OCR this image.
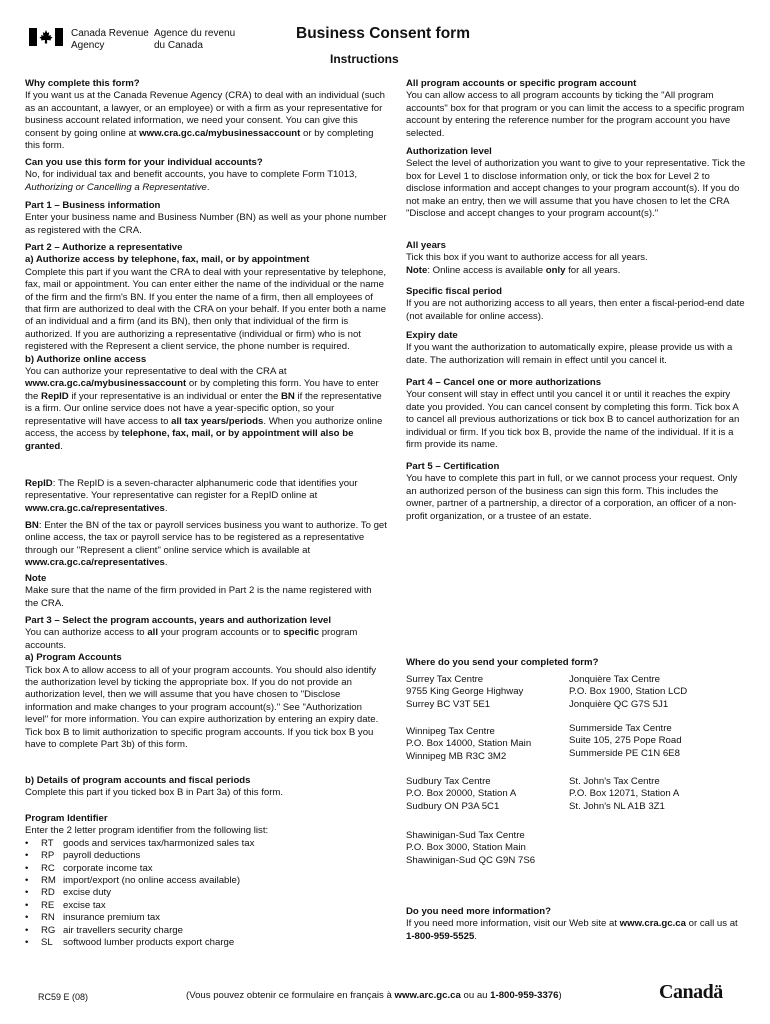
Canada Revenue
Agency
Agence du revenu
du Canada
Business Consent form
Instructions
Why complete this form?

If you want us at the Canada Revenue Agency (CRA) to deal with an individual (such as an accountant, a lawyer, or an employee) or with a firm as your representative for business account related information, we need your consent. You can give this consent by going online at www.cra.gc.ca/mybusinessaccount or by completing this form.

Can you use this form for your individual accounts?

No, for individual tax and benefit accounts, you have to complete Form T1013, Authorizing or Cancelling a Representative.

Part 1 – Business information

Enter your business name and Business Number (BN) as well as your phone number as registered with the CRA.

Part 2 – Authorize a representative
a) Authorize access by telephone, fax, mail, or by appointment

Complete this part if you want the CRA to deal with your representative by telephone, fax, mail or appointment. You can enter either the name of the individual or the name of the firm and the firm's BN. If you enter the name of a firm, then all employees of that firm are authorized to deal with the CRA on your behalf. If you enter both a name of an individual and a firm (and its BN), then only that individual of the firm is authorized. If you are authorizing a representative (individual or firm) who is not registered with the Represent a client service, the phone number is required.

b) Authorize online access

You can authorize your representative to deal with the CRA at www.cra.gc.ca/mybusinessaccount or by completing this form. You have to enter the RepID if your representative is an individual or enter the BN if the representative is a firm. Our online service does not have a year-specific option, so your representative will have access to all tax years/periods. When you authorize online access, the access by telephone, fax, mail, or by appointment will also be granted.

RepID: The RepID is a seven-character alphanumeric code that identifies your representative. Your representative can register for a RepID online at www.cra.gc.ca/representatives.

BN: Enter the BN of the tax or payroll services business you want to authorize. To get online access, the tax or payroll service has to be registered as a representative through our "Represent a client" online service which is available at www.cra.gc.ca/representatives.

Note

Make sure that the name of the firm provided in Part 2 is the name registered with the CRA.

Part 3 – Select the program accounts, years and authorization level

You can authorize access to all your program accounts or to specific program accounts.

a) Program Accounts

Tick box A to allow access to all of your program accounts. You should also identify the authorization level by ticking the appropriate box. If you do not provide an authorization level, then we will assume that you have chosen to "Disclose information and make changes to your program account(s)." See "Authorization level" for more information. You can expire authorization by entering an expiry date.

Tick box B to limit authorization to specific program accounts. If you tick box B you have to complete Part 3b) of this form.

b) Details of program accounts and fiscal periods

Complete this part if you ticked box B in Part 3a) of this form.

Program Identifier

Enter the 2 letter program identifier from the following list:

•	RT goods and services tax/harmonized sales tax
•	RP payroll deductions
•	RC corporate income tax
•	RM import/export (no online access available)
•	RD excise duty
•	RE excise tax
•	RN insurance premium tax
•	RG air travellers security charge
•	SL	softwood lumber products export charge
All program accounts or specific program account

You can allow access to all program accounts by ticking the "All program accounts" box for that program or you can limit the access to a specific program account by entering the reference number for the program account you have selected.

Authorization level

Select the level of authorization you want to give to your representative. Tick the box for Level 1 to disclose information only, or tick the box for Level 2 to disclose information and accept changes to your program account(s). If you do not make an entry, then we will assume that you have chosen to let the CRA "Disclose and accept changes to your program account(s)."

All years

Tick this box if you want to authorize access for all years.

Note: Online access is available only for all years.

Specific fiscal period

If you are not authorizing access to all years, then enter a fiscal-period-end date (not available for online access).

Expiry date

If you want the authorization to automatically expire, please provide us with a date. The authorization will remain in effect until you cancel it.

Part 4 – Cancel one or more authorizations

Your consent will stay in effect until you cancel it or until it reaches the expiry date you provided. You can cancel consent by completing this form. Tick box A to cancel all previous authorizations or tick box B to cancel authorization for an individual or firm. If you tick box B, provide the name of the individual. If it is a firm provide its name.

Part 5 – Certification

You have to complete this part in full, or we cannot process your request. Only an authorized person of the business can sign this form. This includes the owner, partner of a partnership, a director of a corporation, an officer of a non-profit organization, or a trustee of an estate.

Where do you send your completed form?
Surrey Tax Centre
9755 King George Highway
Surrey BC V3T 5E1
Jonquière Tax Centre
P.O. Box 1900, Station LCD
Jonquière QC G7S 5J1
Winnipeg Tax Centre
P.O. Box 14000, Station Main
Winnipeg MB R3C 3M2
Summerside Tax Centre
Suite 105, 275 Pope Road
Summerside PE C1N 6E8
Sudbury Tax Centre
P.O. Box 20000, Station A
Sudbury ON P3A 5C1
St. John's Tax Centre
P.O. Box 12071, Station A
St. John's NL A1B 3Z1
Shawinigan-Sud Tax Centre
P.O. Box 3000, Station Main
Shawinigan-Sud QC G9N 7S6
Do you need more information?

If you need more information, visit our Web site at www.cra.gc.ca or call us at 1-800-959-5525.

RC59 E (08)	(Vous pouvez obtenir ce formulaire en français à www.arc.gc.ca ou au 1-800-959-3376)	Canadä
